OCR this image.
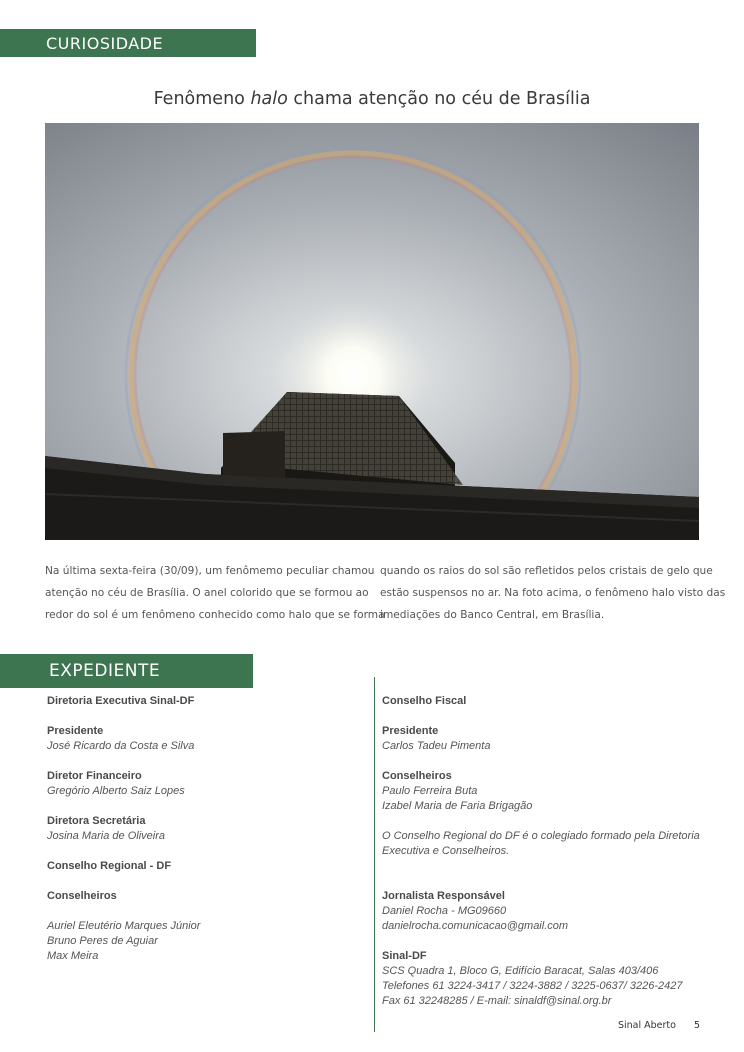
CURIOSIDADE
Fenômeno halo chama atenção no céu de Brasília
Na última sexta-feira (30/09), um fenômemo peculiar chamou
atenção no céu de Brasília. O anel colorido que se formou ao
redor do sol é um fenômeno conhecido como halo que se forma
quando os raios do sol são refletidos pelos cristais de gelo que
estão suspensos no ar. Na foto acima, o fenômeno halo visto das
imediações do Banco Central, em Brasília.
EXPEDIENTE
Diretoria Executiva Sinal-DF
Presidente
José Ricardo da Costa e Silva
Diretor Financeiro
Gregório Alberto Saiz Lopes
Diretora Secretária
Josina Maria de Oliveira
Conselho Regional - DF
Conselheiros
Auriel Eleutério Marques Júnior
Bruno Peres de Aguiar
Max Meira
Conselho Fiscal
Presidente
Carlos Tadeu Pimenta
Conselheiros
Paulo Ferreira Buta
Izabel Maria de Faria Brigagão
O Conselho Regional do DF é o colegiado formado pela Diretoria
Executiva e Conselheiros.
Jornalista Responsável
Daniel Rocha - MG09660
danielrocha.comunicacao@gmail.com
Sinal-DF
SCS Quadra 1, Bloco G, Edifício Baracat, Salas 403/406
Telefones 61 3224-3417 / 3224-3882 / 3225-0637/ 3226-2427
Fax 61 32248285 / E-mail: sinaldf@sinal.org.br
Sinal Aberto 5
